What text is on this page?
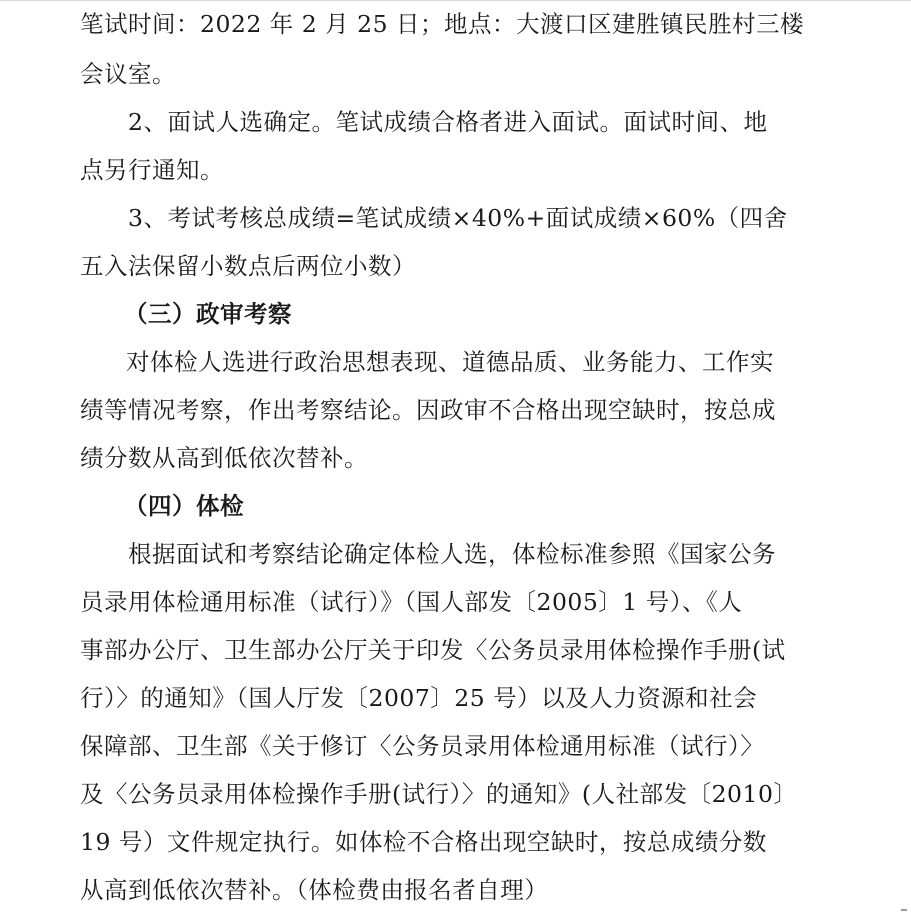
笔试时间：2022 年 2 月 25 日；地点：大渡口区建胜镇民胜村三楼
会议室。
2、面试人选确定。笔试成绩合格者进入面试。面试时间、地
点另行通知。
3、考试考核总成绩=笔试成绩×40%+面试成绩×60%（四舍
五入法保留小数点后两位小数）
（三）政审考察
对体检人选进行政治思想表现、道德品质、业务能力、工作实
绩等情况考察，作出考察结论。因政审不合格出现空缺时，按总成
绩分数从高到低依次替补。
（四）体检
根据面试和考察结论确定体检人选，体检标准参照《国家公务
员录用体检通用标准（试行）》（国人部发〔2005〕1 号）、《人
事部办公厅、卫生部办公厅关于印发〈公务员录用体检操作手册(试
行）〉的通知》（国人厅发〔2007〕25 号）以及人力资源和社会
保障部、卫生部《关于修订〈公务员录用体检通用标准（试行）〉
及〈公务员录用体检操作手册(试行）〉的通知》(人社部发〔2010〕
19 号）文件规定执行。如体检不合格出现空缺时，按总成绩分数
从高到低依次替补。（体检费由报名者自理）
